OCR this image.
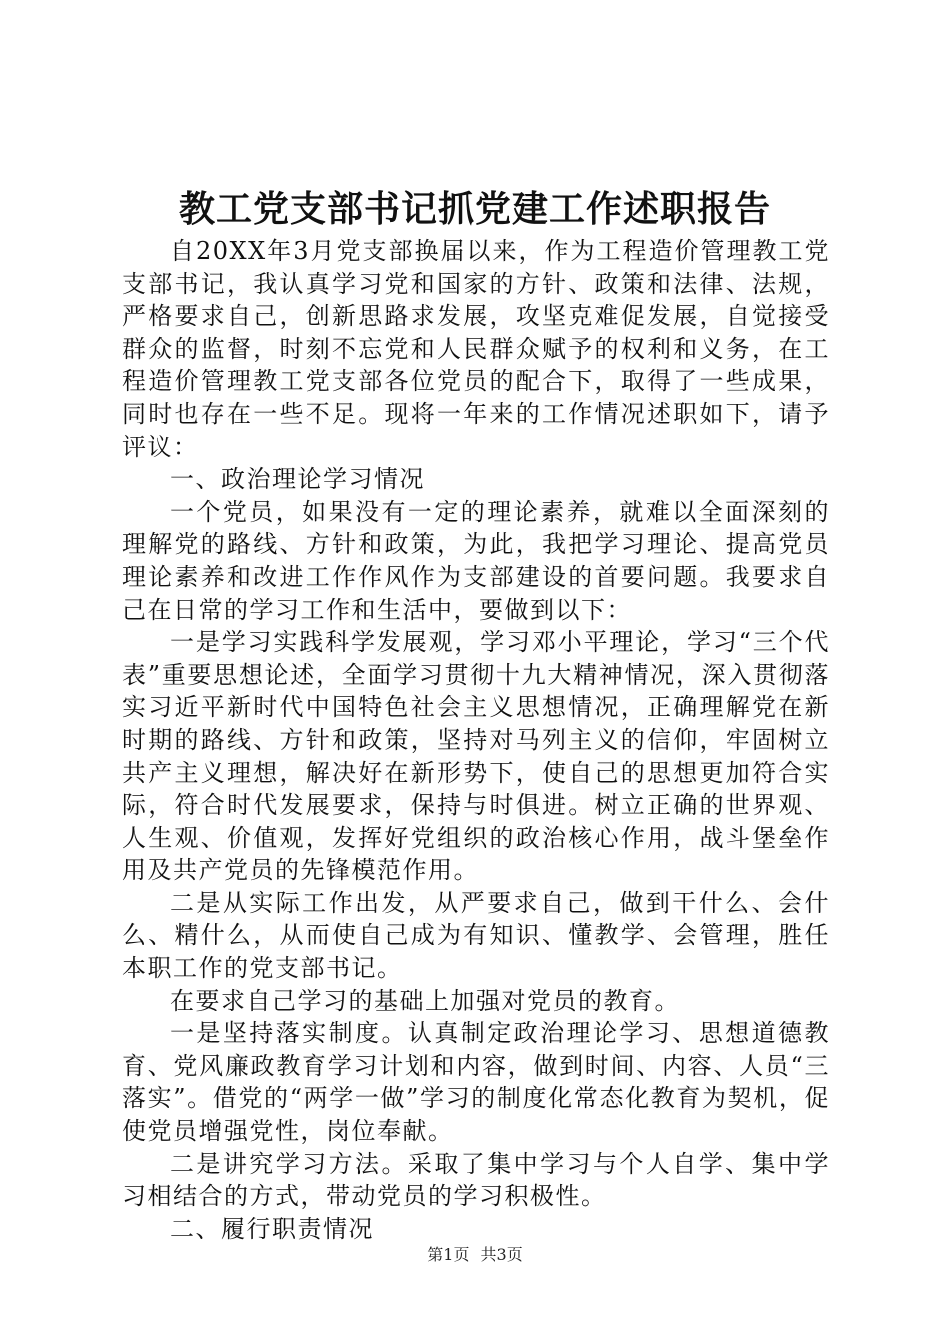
教工党支部书记抓党建工作述职报告

自20XX年3月党支部换届以来，作为工程造价管理教工党支部书记，我认真学习党和国家的方针、政策和法律、法规，严格要求自己，创新思路求发展，攻坚克难促发展，自觉接受群众的监督，时刻不忘党和人民群众赋予的权利和义务，在工程造价管理教工党支部各位党员的配合下，取得了一些成果，同时也存在一些不足。现将一年来的工作情况述职如下，请予评议：

一、政治理论学习情况

一个党员，如果没有一定的理论素养，就难以全面深刻的理解党的路线、方针和政策，为此，我把学习理论、提高党员理论素养和改进工作作风作为支部建设的首要问题。我要求自己在日常的学习工作和生活中，要做到以下：

一是学习实践科学发展观，学习邓小平理论，学习“三个代表”重要思想论述，全面学习贯彻十九大精神情况，深入贯彻落实习近平新时代中国特色社会主义思想情况，正确理解党在新时期的路线、方针和政策，坚持对马列主义的信仰，牢固树立共产主义理想，解决好在新形势下，使自己的思想更加符合实际，符合时代发展要求，保持与时俱进。树立正确的世界观、人生观、价值观，发挥好党组织的政治核心作用，战斗堡垒作用及共产党员的先锋模范作用。

二是从实际工作出发，从严要求自己，做到干什么、会什么、精什么，从而使自己成为有知识、懂教学、会管理，胜任本职工作的党支部书记。

在要求自己学习的基础上加强对党员的教育。

一是坚持落实制度。认真制定政治理论学习、思想道德教育、党风廉政教育学习计划和内容，做到时间、内容、人员“三落实”。借党的“两学一做”学习的制度化常态化教育为契机，促使党员增强党性，岗位奉献。

二是讲究学习方法。采取了集中学习与个人自学、集中学习相结合的方式，带动党员的学习积极性。

二、履行职责情况

第1页 共3页
